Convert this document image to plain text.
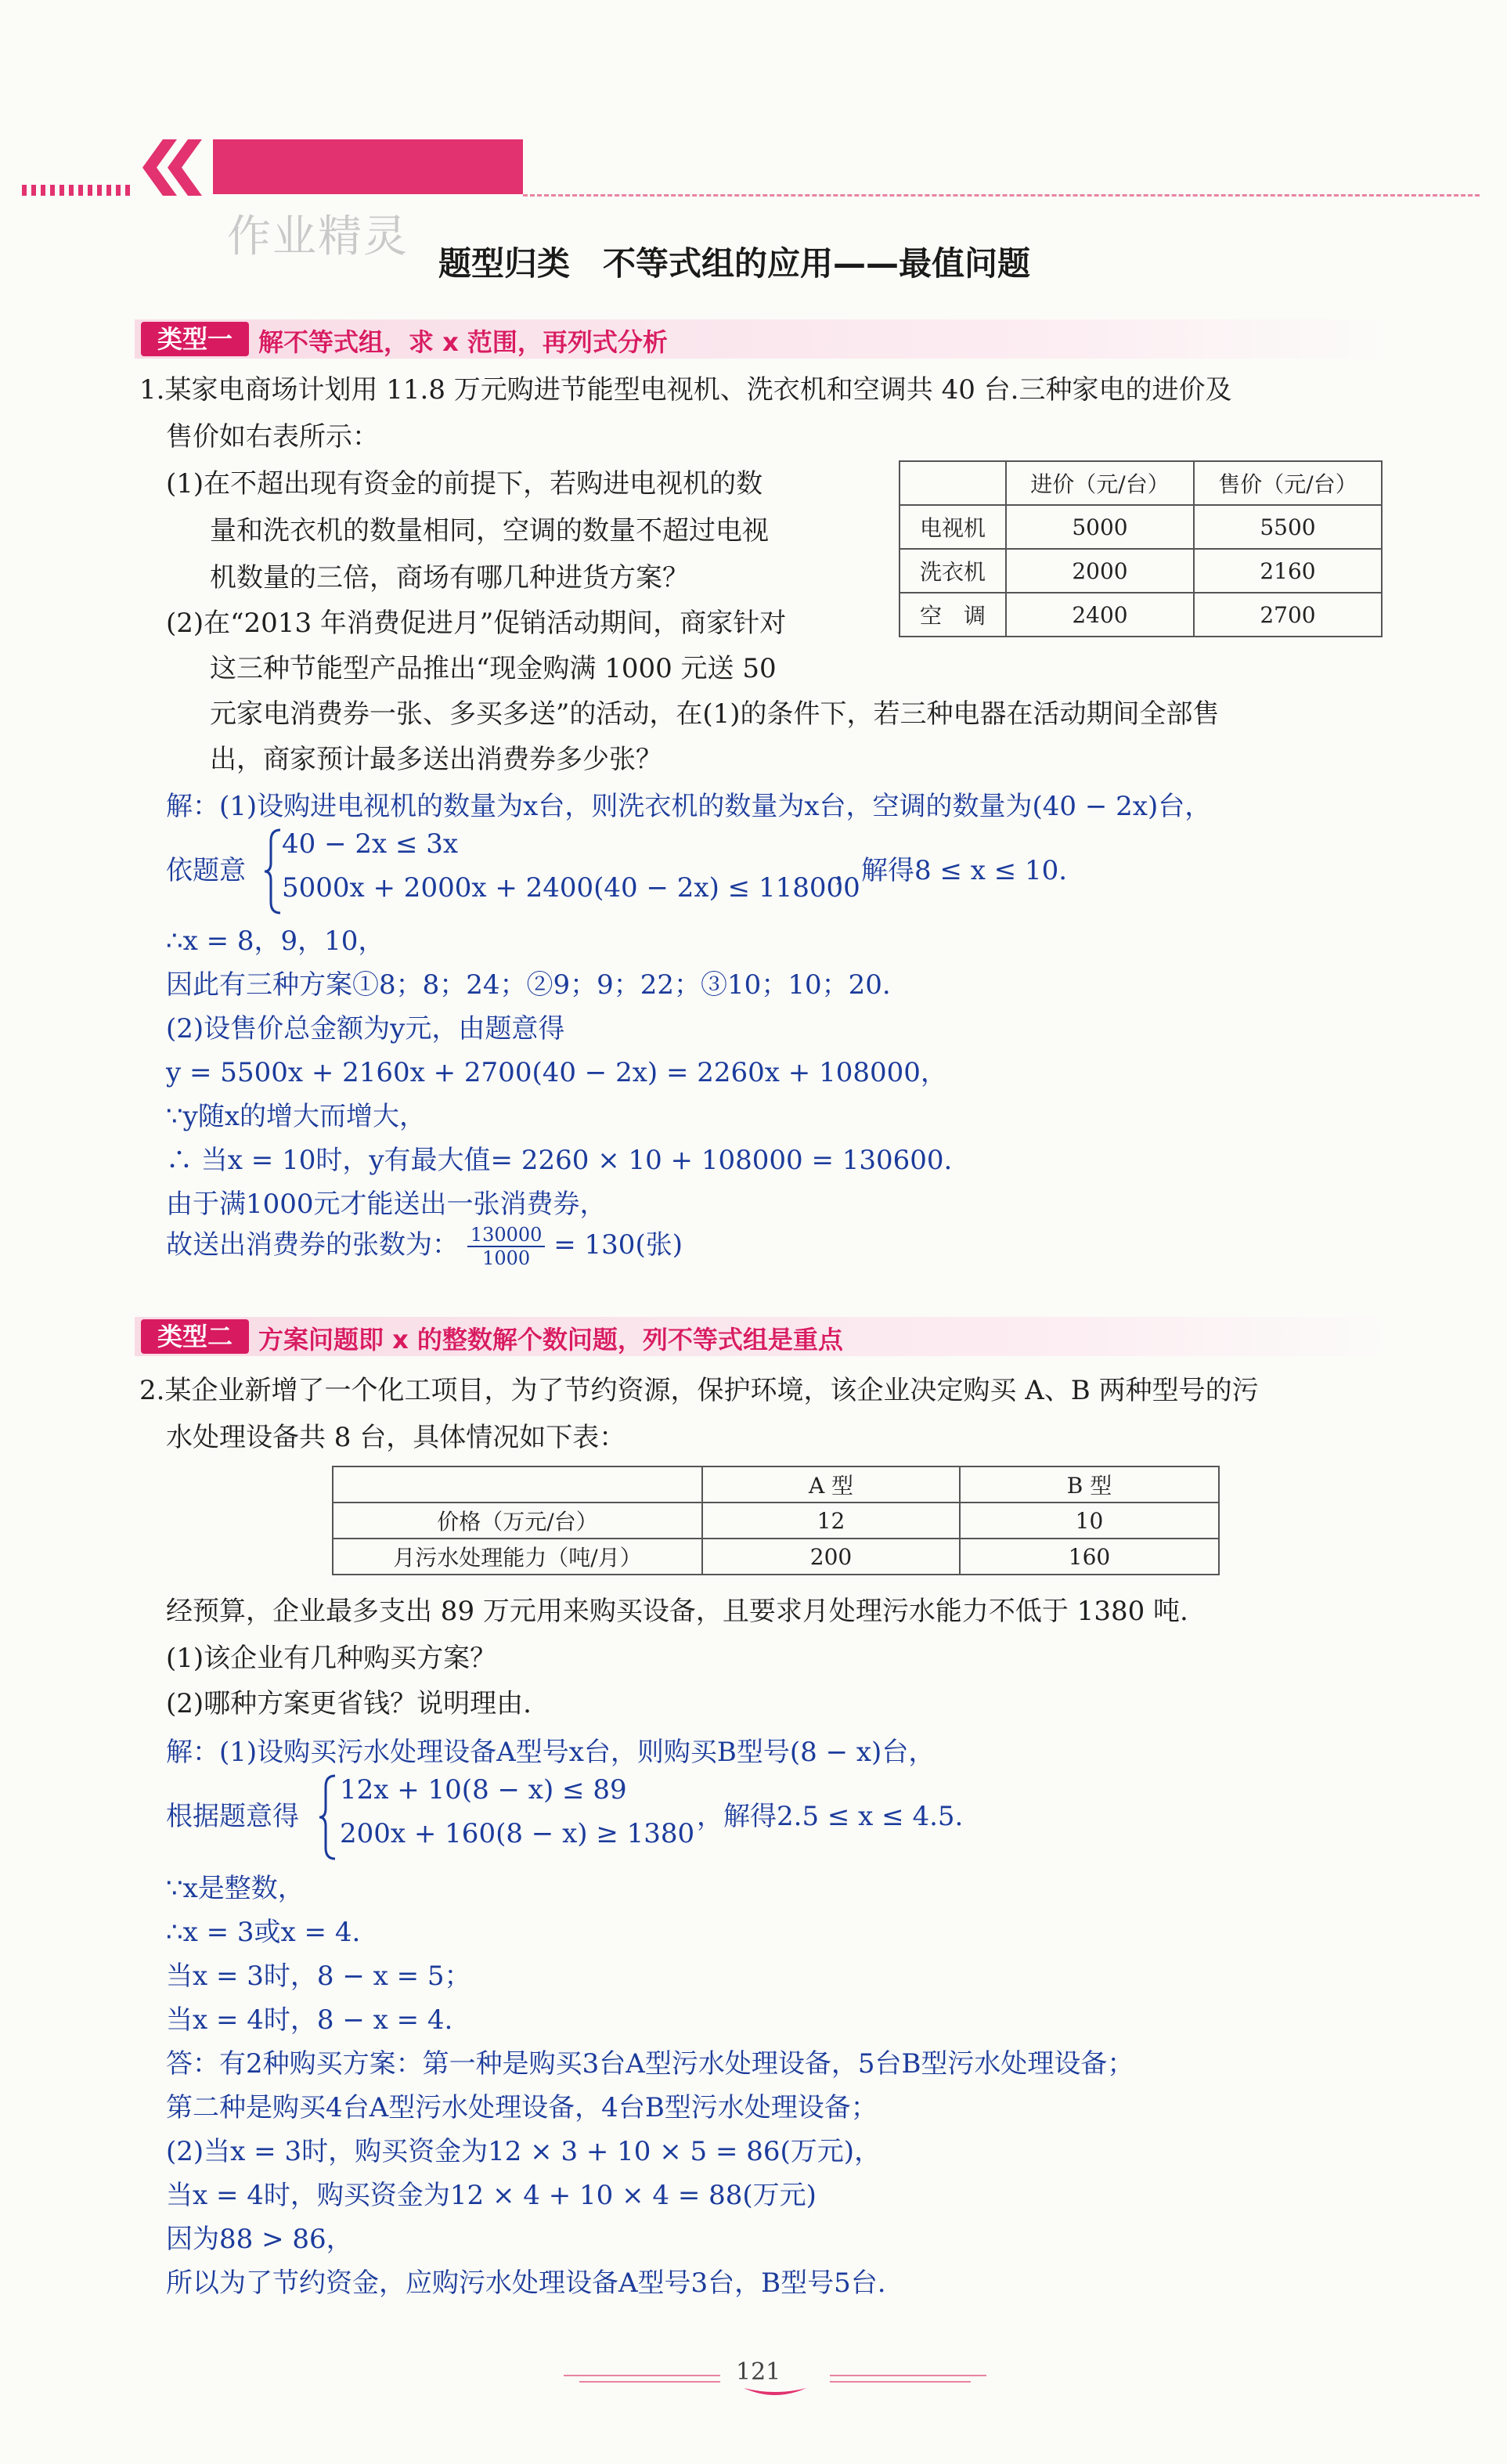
作业精灵
题型归类　不等式组的应用——最值问题
类型一	解不等式组，求 x 范围，再列式分析
1.某家电商场计划用 11.8 万元购进节能型电视机、洗衣机和空调共 40 台.三种家电的进价及
售价如右表所示：
(1)在不超出现有资金的前提下，若购进电视机的数
量和洗衣机的数量相同，空调的数量不超过电视
机数量的三倍，商场有哪几种进货方案？
(2)在“2013 年消费促进月”促销活动期间，商家针对
这三种节能型产品推出“现金购满 1000 元送 50
元家电消费券一张、多买多送”的活动，在(1)的条件下，若三种电器在活动期间全部售
出，商家预计最多送出消费券多少张？
	进价（元/台）	售价（元/台）
电视机	5000	5500
洗衣机	2000	2160
空　调	2400	2700
解：(1)设购进电视机的数量为x台，则洗衣机的数量为x台，空调的数量为(40 − 2x)台，
依题意
40 − 2x ≤ 3x
5000x + 2000x + 2400(40 − 2x) ≤ 118000
，解得8 ≤ x ≤ 10.
∴x = 8，9，10，
因此有三种方案①8；8；24；②9；9；22；③10；10；20.
(2)设售价总金额为y元，由题意得
y = 5500x + 2160x + 2700(40 − 2x) = 2260x + 108000，
∵y随x的增大而增大，
∴ 当x = 10时，y有最大值= 2260 × 10 + 108000 = 130600.
由于满1000元才能送出一张消费券，
故送出消费券的张数为： $\frac{130000}{1000} = 130$(张)
类型二	方案问题即 x 的整数解个数问题，列不等式组是重点
2.某企业新增了一个化工项目，为了节约资源，保护环境，该企业决定购买 A、B 两种型号的污
水处理设备共 8 台，具体情况如下表：
	A 型	B 型
价格（万元/台）	12	10
月污水处理能力（吨/月）	200	160
经预算，企业最多支出 89 万元用来购买设备，且要求月处理污水能力不低于 1380 吨.
(1)该企业有几种购买方案？
(2)哪种方案更省钱？说明理由.
解：(1)设购买污水处理设备A型号x台，则购买B型号(8 − x)台，
根据题意得
12x + 10(8 − x) ≤ 89
200x + 160(8 − x) ≥ 1380
，解得2.5 ≤ x ≤ 4.5.
∵x是整数，
∴x = 3或x = 4.
当x = 3时，8 − x = 5；
当x = 4时，8 − x = 4.
答：有2种购买方案：第一种是购买3台A型污水处理设备，5台B型污水处理设备；
第二种是购买4台A型污水处理设备，4台B型污水处理设备；
(2)当x = 3时，购买资金为12 × 3 + 10 × 5 = 86(万元)，
当x = 4时，购买资金为12 × 4 + 10 × 4 = 88(万元)
因为88 > 86，
所以为了节约资金，应购污水处理设备A型号3台，B型号5台.
121
